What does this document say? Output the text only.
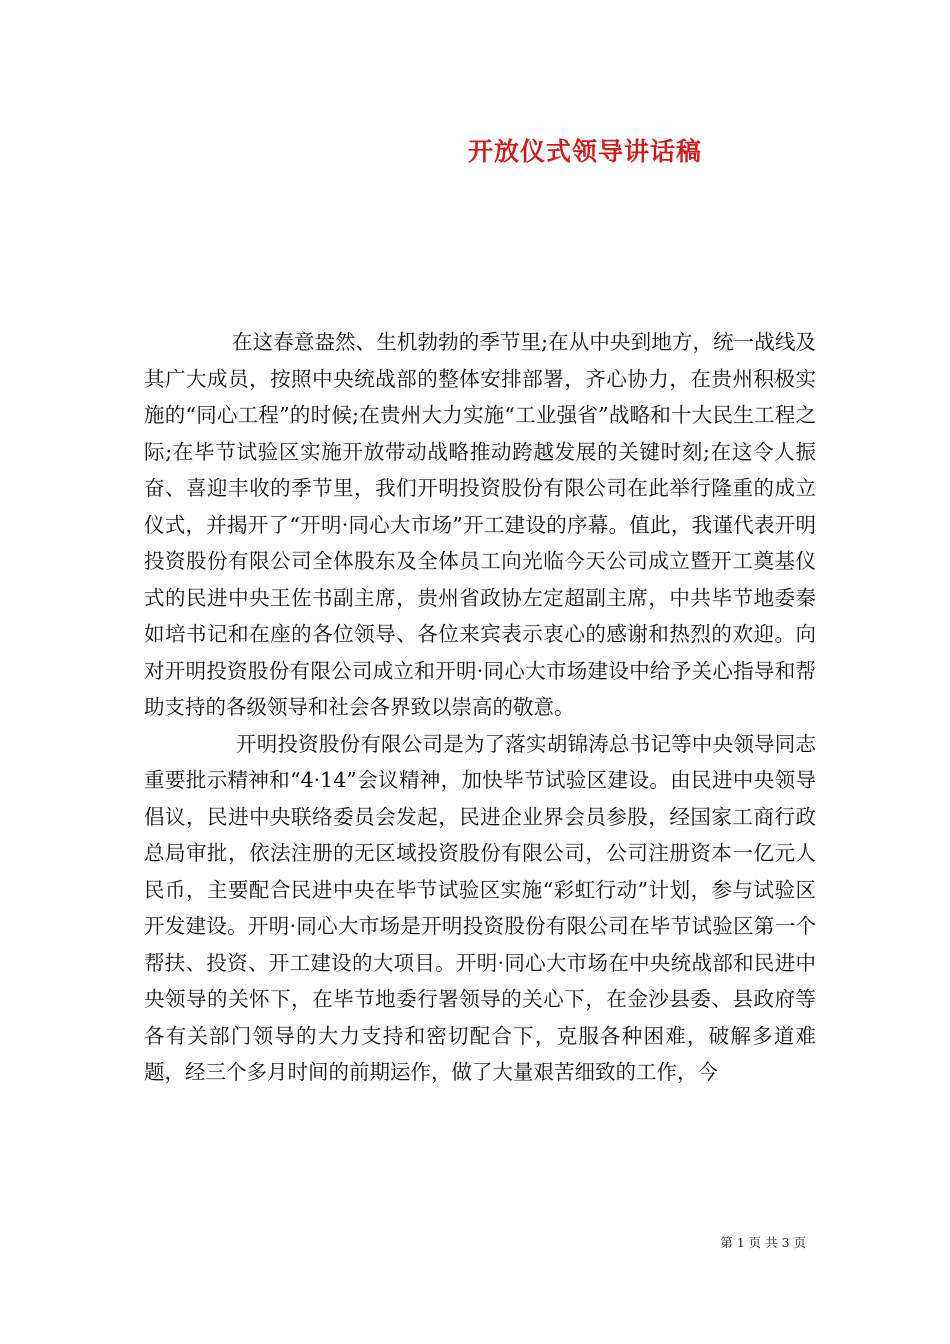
开放仪式领导讲话稿

在这春意盎然、生机勃勃的季节里;在从中央到地方，统一战线及其广大成员，按照中央统战部的整体安排部署，齐心协力，在贵州积极实施的“同心工程”的时候;在贵州大力实施“工业强省”战略和十大民生工程之际;在毕节试验区实施开放带动战略推动跨越发展的关键时刻;在这令人振奋、喜迎丰收的季节里，我们开明投资股份有限公司在此举行隆重的成立仪式，并揭开了“开明·同心大市场”开工建设的序幕。值此，我谨代表开明投资股份有限公司全体股东及全体员工向光临今天公司成立暨开工奠基仪式的民进中央王佐书副主席，贵州省政协左定超副主席，中共毕节地委秦如培书记和在座的各位领导、各位来宾表示衷心的感谢和热烈的欢迎。向对开明投资股份有限公司成立和开明·同心大市场建设中给予关心指导和帮助支持的各级领导和社会各界致以崇高的敬意。

开明投资股份有限公司是为了落实胡锦涛总书记等中央领导同志重要批示精神和“4·14”会议精神，加快毕节试验区建设。由民进中央领导倡议，民进中央联络委员会发起，民进企业界会员参股，经国家工商行政总局审批，依法注册的无区域投资股份有限公司，公司注册资本一亿元人民币，主要配合民进中央在毕节试验区实施“彩虹行动”计划，参与试验区开发建设。开明·同心大市场是开明投资股份有限公司在毕节试验区第一个帮扶、投资、开工建设的大项目。开明·同心大市场在中央统战部和民进中央领导的关怀下，在毕节地委行署领导的关心下，在金沙县委、县政府等各有关部门领导的大力支持和密切配合下，克服各种困难，破解多道难题，经三个多月时间的前期运作，做了大量艰苦细致的工作，今

第 1 页 共 3 页
